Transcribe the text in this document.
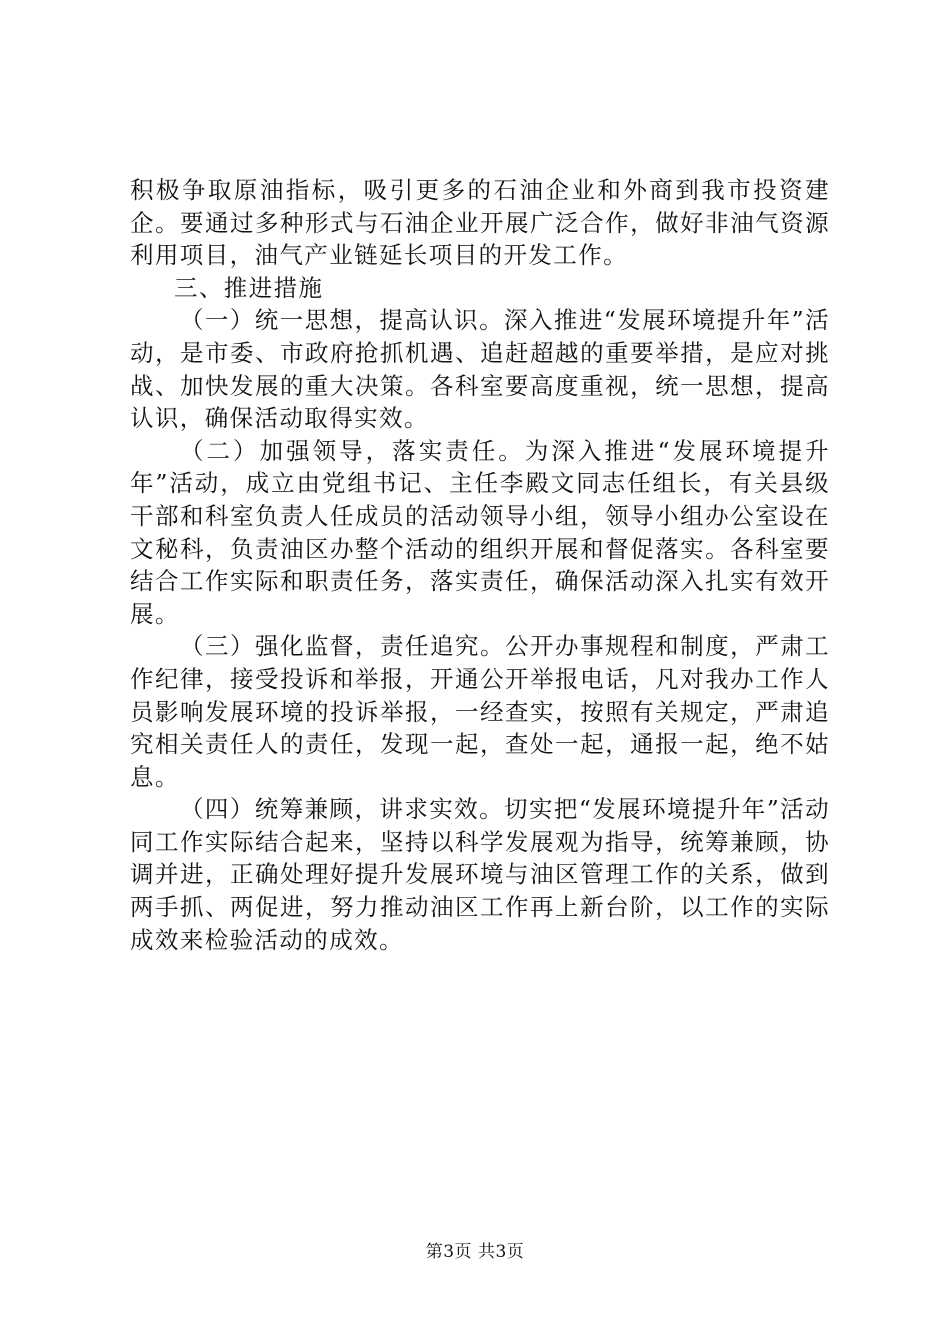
积极争取原油指标，吸引更多的石油企业和外商到我市投资建企。要通过多种形式与石油企业开展广泛合作，做好非油气资源利用项目，油气产业链延长项目的开发工作。

三、推进措施

（一）统一思想，提高认识。深入推进“发展环境提升年”活动，是市委、市政府抢抓机遇、追赶超越的重要举措，是应对挑战、加快发展的重大决策。各科室要高度重视，统一思想，提高认识，确保活动取得实效。

（二）加强领导，落实责任。为深入推进“发展环境提升年”活动，成立由党组书记、主任李殿文同志任组长，有关县级干部和科室负责人任成员的活动领导小组，领导小组办公室设在文秘科，负责油区办整个活动的组织开展和督促落实。各科室要结合工作实际和职责任务，落实责任，确保活动深入扎实有效开展。

（三）强化监督，责任追究。公开办事规程和制度，严肃工作纪律，接受投诉和举报，开通公开举报电话，凡对我办工作人员影响发展环境的投诉举报，一经查实，按照有关规定，严肃追究相关责任人的责任，发现一起，查处一起，通报一起，绝不姑息。

（四）统筹兼顾，讲求实效。切实把“发展环境提升年”活动同工作实际结合起来，坚持以科学发展观为指导，统筹兼顾，协调并进，正确处理好提升发展环境与油区管理工作的关系，做到两手抓、两促进，努力推动油区工作再上新台阶，以工作的实际成效来检验活动的成效。

第3页 共3页
